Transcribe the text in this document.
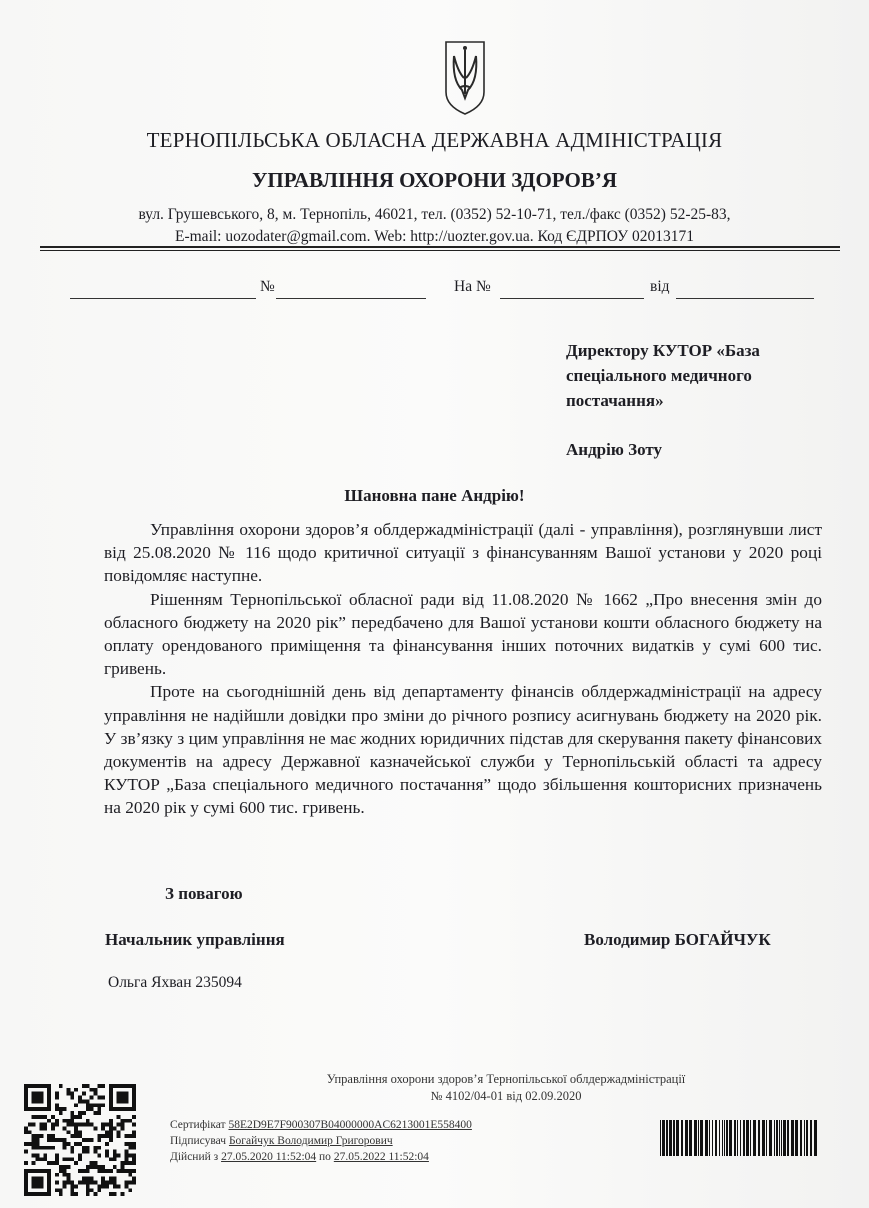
ТЕРНОПІЛЬСЬКА ОБЛАСНА ДЕРЖАВНА АДМІНІСТРАЦІЯ
УПРАВЛІННЯ ОХОРОНИ ЗДОРОВ’Я
вул. Грушевського, 8, м. Тернопіль, 46021, тел. (0352) 52-10-71, тел./факс (0352) 52-25-83,
E-mail: uozodater@gmail.com. Web: http://uozter.gov.ua. Код ЄДРПОУ 02013171
№	На №	від
Директору КУТОР «База
спеціального медичного
постачання»
Андрію Зоту
Шановна пане Андрію!

Управління охорони здоров’я облдержадміністрації (далі - управління), розглянувши лист від 25.08.2020 № 116 щодо критичної ситуації з фінансуванням Вашої установи у 2020 році повідомляє наступне.

Рішенням Тернопільської обласної ради від 11.08.2020 № 1662 „Про внесення змін до обласного бюджету на 2020 рік” передбачено для Вашої установи кошти обласного бюджету на оплату орендованого приміщення та фінансування інших поточних видатків у сумі 600 тис. гривень.

Проте на сьогоднішній день від департаменту фінансів облдержадміністрації на адресу управління не надійшли довідки про зміни до річного розпису асигнувань бюджету на 2020 рік. У зв’язку з цим управління не має жодних юридичних підстав для скерування пакету фінансових документів на адресу Державної казначейської служби у Тернопільській області та адресу КУТОР „База спеціального медичного постачання” щодо збільшення кошторисних призначень на 2020 рік у сумі 600 тис. гривень.

З повагою
Начальник управління	Володимир БОГАЙЧУК
Ольга Яхван 235094
Управління охорони здоров’я Тернопільської облдержадміністрації
№ 4102/04-01 від 02.09.2020
Сертифікат 58E2D9E7F900307B04000000AC6213001E558400
Підписувач Богайчук Володимир Григорович
Дійсний з 27.05.2020 11:52:04 по 27.05.2022 11:52:04
